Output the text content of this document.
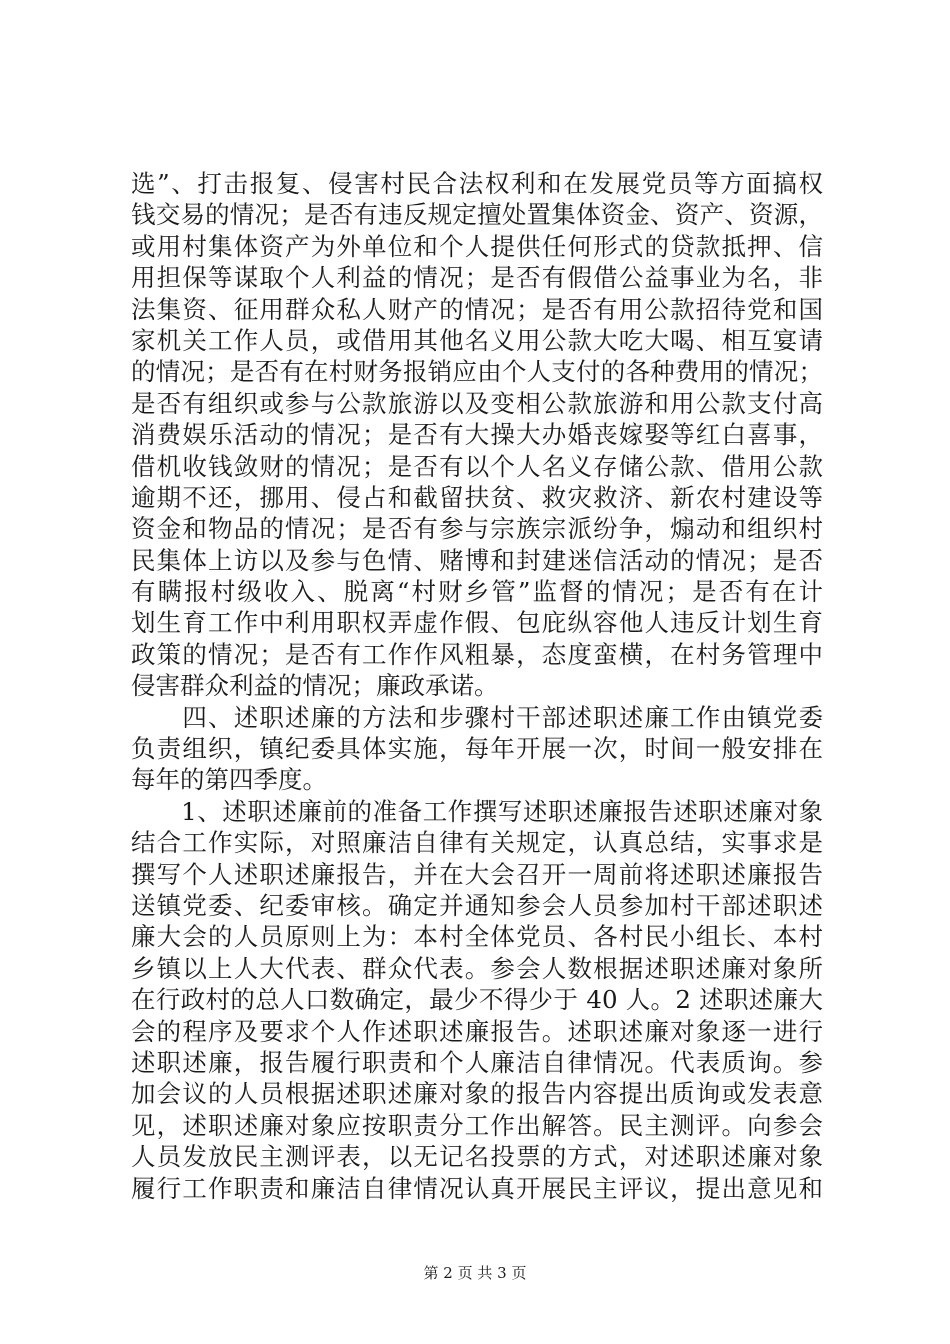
选”、打击报复、侵害村民合法权利和在发展党员等方面搞权
钱交易的情况；是否有违反规定擅处置集体资金、资产、资源，
或用村集体资产为外单位和个人提供任何形式的贷款抵押、信
用担保等谋取个人利益的情况；是否有假借公益事业为名，非
法集资、征用群众私人财产的情况；是否有用公款招待党和国
家机关工作人员，或借用其他名义用公款大吃大喝、相互宴请
的情况；是否有在村财务报销应由个人支付的各种费用的情况；
是否有组织或参与公款旅游以及变相公款旅游和用公款支付高
消费娱乐活动的情况；是否有大操大办婚丧嫁娶等红白喜事，
借机收钱敛财的情况；是否有以个人名义存储公款、借用公款
逾期不还，挪用、侵占和截留扶贫、救灾救济、新农村建设等
资金和物品的情况；是否有参与宗族宗派纷争，煽动和组织村
民集体上访以及参与色情、赌博和封建迷信活动的情况；是否
有瞒报村级收入、脱离“村财乡管”监督的情况；是否有在计
划生育工作中利用职权弄虚作假、包庇纵容他人违反计划生育
政策的情况；是否有工作作风粗暴，态度蛮横，在村务管理中
侵害群众利益的情况；廉政承诺。
　　四、述职述廉的方法和步骤村干部述职述廉工作由镇党委
负责组织，镇纪委具体实施，每年开展一次，时间一般安排在
每年的第四季度。
　　1、述职述廉前的准备工作撰写述职述廉报告述职述廉对象
结合工作实际，对照廉洁自律有关规定，认真总结，实事求是
撰写个人述职述廉报告，并在大会召开一周前将述职述廉报告
送镇党委、纪委审核。确定并通知参会人员参加村干部述职述
廉大会的人员原则上为：本村全体党员、各村民小组长、本村
乡镇以上人大代表、群众代表。参会人数根据述职述廉对象所
在行政村的总人口数确定，最少不得少于 40 人。2 述职述廉大
会的程序及要求个人作述职述廉报告。述职述廉对象逐一进行
述职述廉，报告履行职责和个人廉洁自律情况。代表质询。参
加会议的人员根据述职述廉对象的报告内容提出质询或发表意
见，述职述廉对象应按职责分工作出解答。民主测评。向参会
人员发放民主测评表，以无记名投票的方式，对述职述廉对象
履行工作职责和廉洁自律情况认真开展民主评议，提出意见和
第 2 页 共 3 页
